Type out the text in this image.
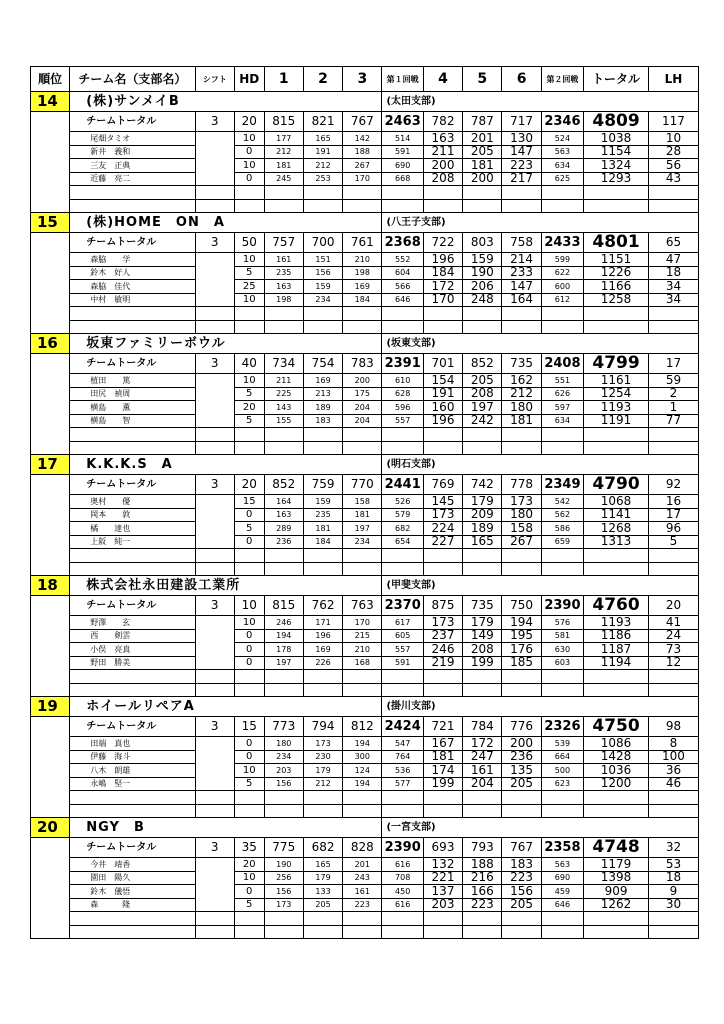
順位	チーム名（支部名）	シフト	HD	1	2	3	第１回戦	4	5	6	第２回戦	トータル	LH
14	(株)サンメイB						(太田支部)						
	チームトータル	3	20	815	821	767	2463	782	787	717	2346	4809	117
	尾畑タミオ		10	177	165	142	514	163	201	130	524	1038	10
	新井　義和		0	212	191	188	591	211	205	147	563	1154	28
	三友　正典		10	181	212	267	690	200	181	223	634	1324	56
	近藤　亮二		0	245	253	170	668	208	200	217	625	1293	43

15	(株)HOME　ON　A						(八王子支部)						
	チームトータル	3	50	757	700	761	2368	722	803	758	2433	4801	65
	森脇　　学		10	161	151	210	552	196	159	214	599	1151	47
	鈴木　好人		5	235	156	198	604	184	190	233	622	1226	18
	森脇　佳代		25	163	159	169	566	172	206	147	600	1166	34
	中村　敏明		10	198	234	184	646	170	248	164	612	1258	34

16	坂東ファミリーボウル						(坂東支部)						
	チームトータル	3	40	734	754	783	2391	701	852	735	2408	4799	17
	植田　　篤		10	211	169	200	610	154	205	162	551	1161	59
	田尻　禎周		5	225	213	175	628	191	208	212	626	1254	2
	横島　　薫		20	143	189	204	596	160	197	180	597	1193	1
	横島　　智		5	155	183	204	557	196	242	181	634	1191	77

17	K.K.K.S　A						(明石支部)						
	チームトータル	3	20	852	759	770	2441	769	742	778	2349	4790	92
	奥村　　優		15	164	159	158	526	145	179	173	542	1068	16
	岡本　　敦		0	163	235	181	579	173	209	180	562	1141	17
	橘　　達也		5	289	181	197	682	224	189	158	586	1268	96
	上阪　純一		0	236	184	234	654	227	165	267	659	1313	5

18	株式会社永田建設工業所						(甲斐支部)						
	チームトータル	3	10	815	762	763	2370	875	735	750	2390	4760	20
	野澤　　玄		10	246	171	170	617	173	179	194	576	1193	41
	西　　剣雲		0	194	196	215	605	237	149	195	581	1186	24
	小俣　亮真		0	178	169	210	557	246	208	176	630	1187	73
	野田　勝美		0	197	226	168	591	219	199	185	603	1194	12

19	ホイールリペアA						(掛川支部)						
	チームトータル	3	15	773	794	812	2424	721	784	776	2326	4750	98
	田端　真也		0	180	173	194	547	167	172	200	539	1086	8
	伊藤　海斗		0	234	230	300	764	181	247	236	664	1428	100
	八木　朗雄		10	203	179	124	536	174	161	135	500	1036	36
	永嶋　堅一		5	156	212	194	577	199	204	205	623	1200	46

20	NGY　B						(一宮支部)						
	チームトータル	3	35	775	682	828	2390	693	793	767	2358	4748	32
	今井　靖香		20	190	165	201	616	132	188	183	563	1179	53
	園田　陽久		10	256	179	243	708	221	216	223	690	1398	18
	鈴木　儀悟		0	156	133	161	450	137	166	156	459	909	9
	森　　　隆		5	173	205	223	616	203	223	205	646	1262	30
